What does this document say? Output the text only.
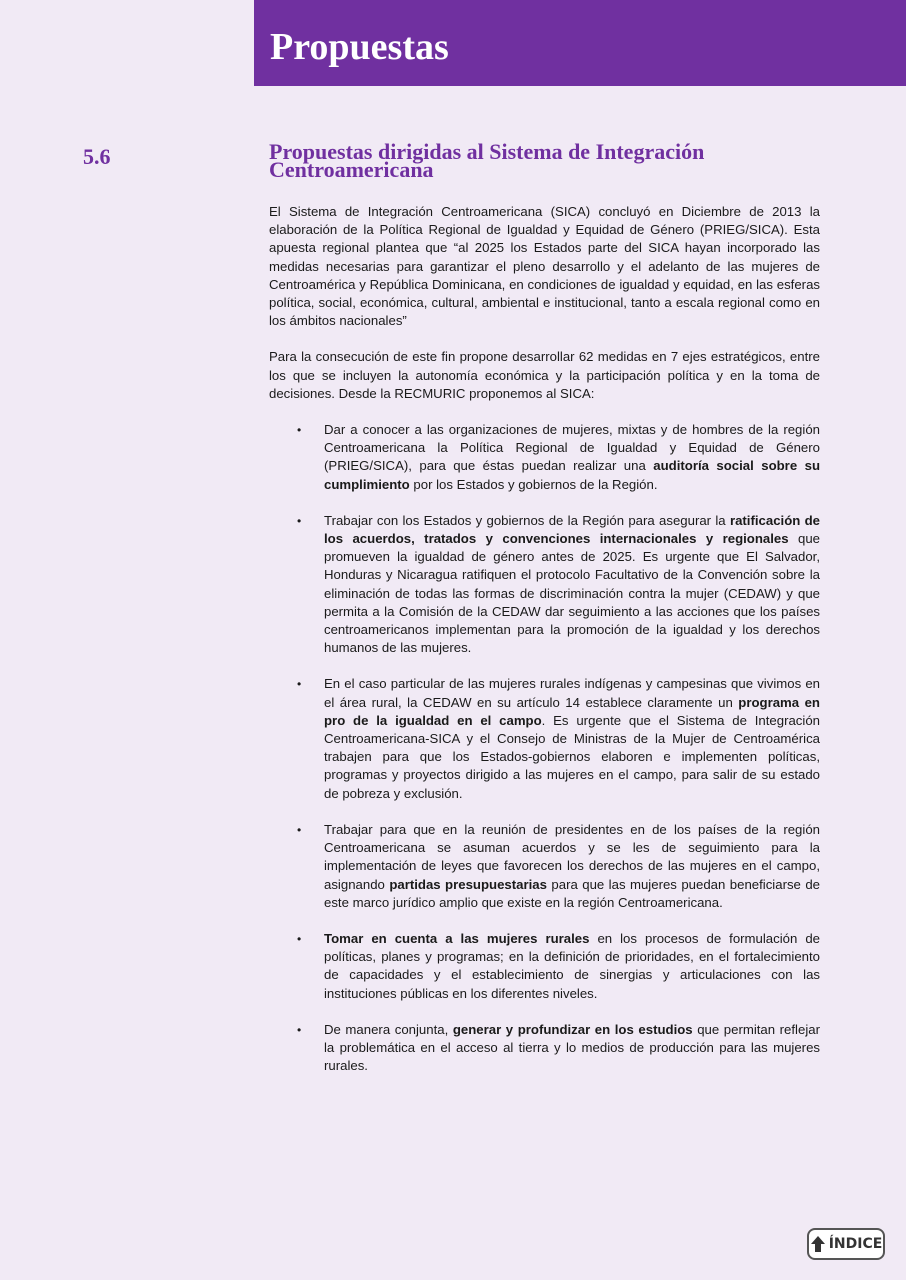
Propuestas
5.6	Propuestas dirigidas al Sistema de Integración
Centroamericana

El Sistema de Integración Centroamericana (SICA) concluyó en Diciembre de 2013 la elaboración de la Política Regional de Igualdad y Equidad de Género (PRIEG/SICA). Esta apuesta regional plantea que “al 2025 los Estados parte del SICA hayan incorporado las medidas necesarias para garantizar el pleno desarrollo y el adelanto de las mujeres de Centroamérica y República Dominicana, en condiciones de igualdad y equidad, en las esferas política, social, económica, cultural, ambiental e institucional, tanto a escala regional como en los ámbitos nacionales”

Para la consecución de este fin propone desarrollar 62 medidas en 7 ejes estratégicos, entre los que se incluyen la autonomía económica y la participación política y en la toma de decisiones. Desde la RECMURIC proponemos al SICA:

• Dar a conocer a las organizaciones de mujeres, mixtas y de hombres de la región Centroamericana la Política Regional de Igualdad y Equidad de Género (PRIEG/SICA), para que éstas puedan realizar una auditoría social sobre su cumplimiento por los Estados y gobiernos de la Región.
• Trabajar con los Estados y gobiernos de la Región para asegurar la ratificación de los acuerdos, tratados y convenciones internacionales y regionales que promueven la igualdad de género antes de 2025. Es urgente que El Salvador, Honduras y Nicaragua ratifiquen el protocolo Facultativo de la Convención sobre la eliminación de todas las formas de discriminación contra la mujer (CEDAW) y que permita a la Comisión de la CEDAW dar seguimiento a las acciones que los países centroamericanos implementan para la promoción de la igualdad y los derechos humanos de las mujeres.
• En el caso particular de las mujeres rurales indígenas y campesinas que vivimos en el área rural, la CEDAW en su artículo 14 establece claramente un programa en pro de la igualdad en el campo. Es urgente que el Sistema de Integración Centroamericana-SICA y el Consejo de Ministras de la Mujer de Centroamérica trabajen para que los Estados-gobiernos elaboren e implementen políticas, programas y proyectos dirigido a las mujeres en el campo, para salir de su estado de pobreza y exclusión.
• Trabajar para que en la reunión de presidentes en de los países de la región Centroamericana se asuman acuerdos y se les de seguimiento para la implementación de leyes que favorecen los derechos de las mujeres en el campo, asignando partidas presupuestarias para que las mujeres puedan beneficiarse de este marco jurídico amplio que existe en la región Centroamericana.
• Tomar en cuenta a las mujeres rurales en los procesos de formulación de políticas, planes y programas; en la definición de prioridades, en el fortalecimiento de capacidades y el establecimiento de sinergias y articulaciones con las instituciones públicas en los diferentes niveles.
• De manera conjunta, generar y profundizar en los estudios que permitan reflejar la problemática en el acceso al tierra y lo medios de producción para las mujeres rurales.
ÍNDICE
